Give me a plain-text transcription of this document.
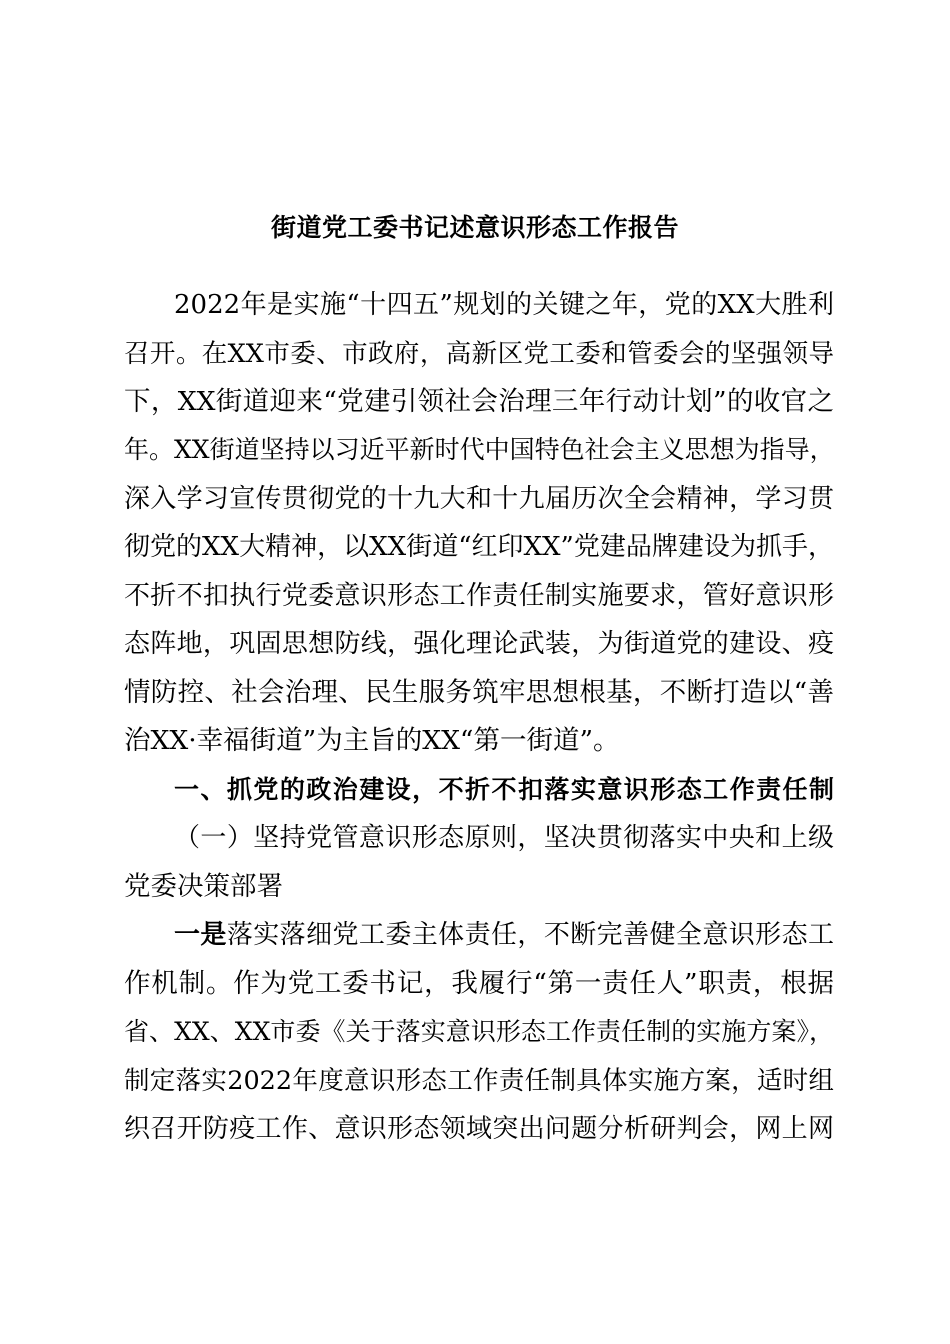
街道党工委书记述意识形态工作报告

2022年是实施“十四五”规划的关键之年，党的XX大胜利

召开。在XX市委、市政府，高新区党工委和管委会的坚强领导

下，XX街道迎来“党建引领社会治理三年行动计划”的收官之

年。XX街道坚持以习近平新时代中国特色社会主义思想为指导，

深入学习宣传贯彻党的十九大和十九届历次全会精神，学习贯

彻党的XX大精神，以XX街道“红印XX”党建品牌建设为抓手，

不折不扣执行党委意识形态工作责任制实施要求，管好意识形

态阵地，巩固思想防线，强化理论武装，为街道党的建设、疫

情防控、社会治理、民生服务筑牢思想根基，不断打造以“善

治XX·幸福街道”为主旨的XX“第一街道”。

一、抓党的政治建设，不折不扣落实意识形态工作责任制

（一）坚持党管意识形态原则，坚决贯彻落实中央和上级

党委决策部署

一是落实落细党工委主体责任，不断完善健全意识形态工

作机制。作为党工委书记，我履行“第一责任人”职责，根据

省、XX、XX市委《关于落实意识形态工作责任制的实施方案》，

制定落实2022年度意识形态工作责任制具体实施方案，适时组

织召开防疫工作、意识形态领域突出问题分析研判会，网上网
